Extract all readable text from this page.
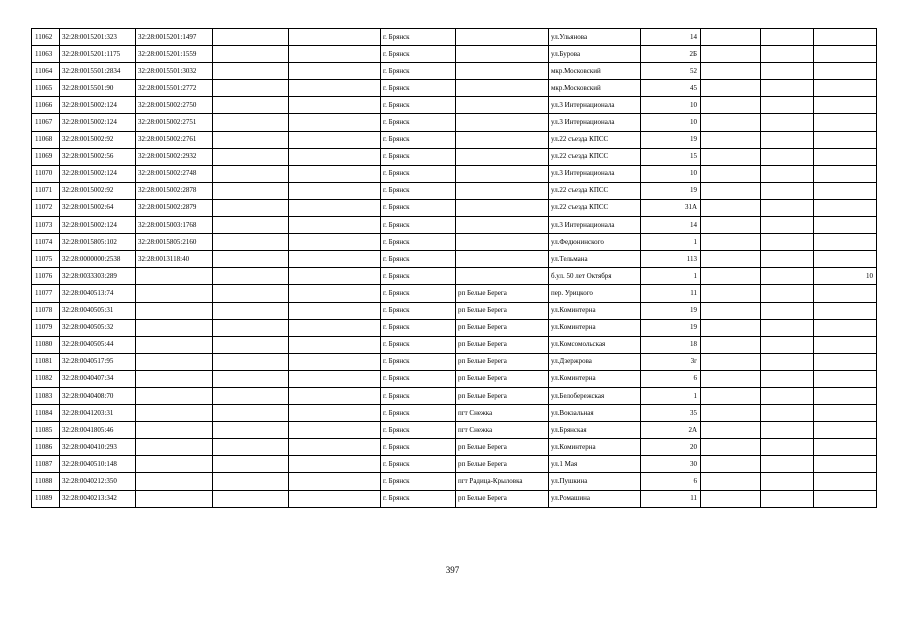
11062	32:28:0015201:323	32:28:0015201:1497			г. Брянск		ул.Ульянова	14			
11063	32:28:0015201:1175	32:28:0015201:1559			г. Брянск		ул.Бурова	2Б			
11064	32:28:0015501:2834	32:28:0015501:3032			г. Брянск		мкр.Московский	52			
11065	32:28:0015501:90	32:28:0015501:2772			г. Брянск		мкр.Московский	45			
11066	32:28:0015002:124	32:28:0015002:2750			г. Брянск		ул.3 Интернационала	10			
11067	32:28:0015002:124	32:28:0015002:2751			г. Брянск		ул.3 Интернационала	10			
11068	32:28:0015002:92	32:28:0015002:2761			г. Брянск		ул.22 съезда КПСС	19			
11069	32:28:0015002:56	32:28:0015002:2932			г. Брянск		ул.22 съезда КПСС	15			
11070	32:28:0015002:124	32:28:0015002:2748			г. Брянск		ул.3 Интернационала	10			
11071	32:28:0015002:92	32:28:0015002:2878			г. Брянск		ул.22 съезда КПСС	19			
11072	32:28:0015002:64	32:28:0015002:2879			г. Брянск		ул.22 съезда КПСС	31А			
11073	32:28:0015002:124	32:28:0015003:1768			г. Брянск		ул.3 Интернационала	14			
11074	32:28:0015805:102	32:28:0015805:2160			г. Брянск		ул.Федюнинского	1			
11075	32:28:0000000:2538	32:28:0013118:40			г. Брянск		ул.Тельмана	113			
11076	32:28:0033303:289				г. Брянск		б.ул. 50 лет Октября	1			10
11077	32:28:0040513:74				г. Брянск	рп Белые Берега	пер. Урицкого	11			
11078	32:28:0040505:31				г. Брянск	рп Белые Берега	ул.Коминтерна	19			
11079	32:28:0040505:32				г. Брянск	рп Белые Берега	ул.Коминтерна	19			
11080	32:28:0040505:44				г. Брянск	рп Белые Берега	ул.Комсомольская	18			
11081	32:28:0040517:95				г. Брянск	рп Белые Берега	ул.Дзержрова	3г			
11082	32:28:0040407:34				г. Брянск	рп Белые Берега	ул.Коминтерна	6			
11083	32:28:0040408:70				г. Брянск	рп Белые Берега	ул.Белобережская	1			
11084	32:28:0041203:31				г. Брянск	пгт Снежка	ул.Вокзальная	35			
11085	32:28:0041805:46				г. Брянск	пгт Снежка	ул.Брянская	2А			
11086	32:28:0040410:293				г. Брянск	рп Белые Берега	ул.Коминтерна	20			
11087	32:28:0040510:148				г. Брянск	рп Белые Берега	ул.1 Мая	30			
11088	32:28:0040212:350				г. Брянск	пгт Радица-Крыловка	ул.Пушкина	6			
11089	32:28:0040213:342				г. Брянск	рп Белые Берега	ул.Ромашина	11			
397
